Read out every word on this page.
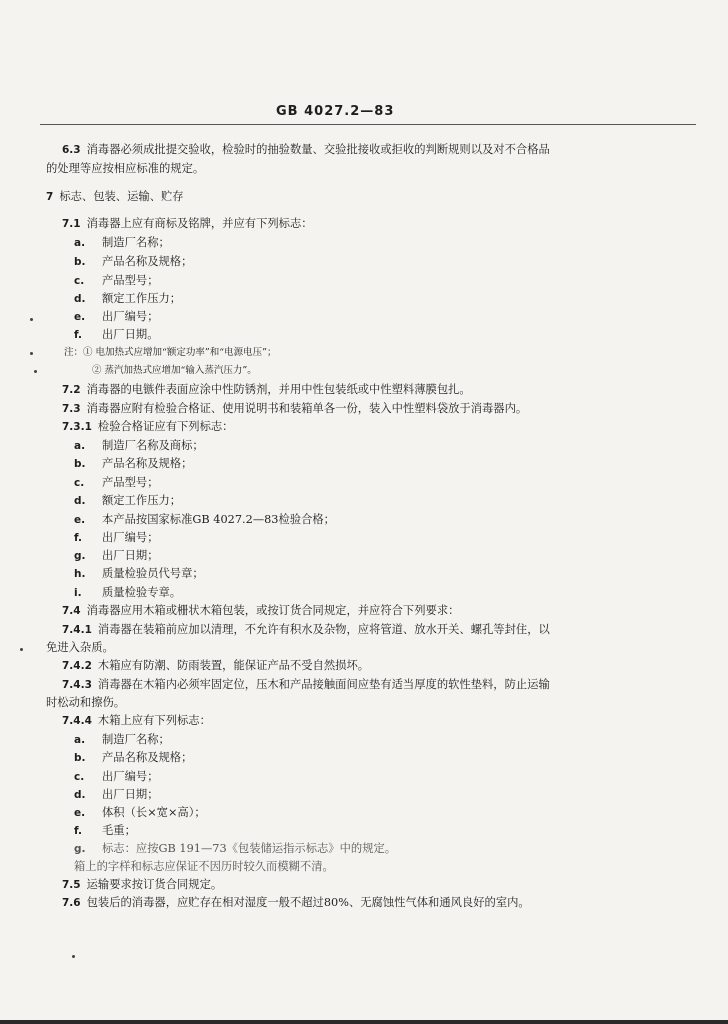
GB 4027.2—83
6.3 消毒器必须成批提交验收，检验时的抽验数量、交验批接收或拒收的判断规则以及对不合格品
的处理等应按相应标准的规定。
7 标志、包装、运输、贮存
7.1 消毒器上应有商标及铭牌，并应有下列标志：
a. 制造厂名称；
b. 产品名称及规格；
c. 产品型号；
d. 额定工作压力；
e. 出厂编号；
f. 出厂日期。
注：① 电加热式应增加“额定功率”和“电源电压”；
② 蒸汽加热式应增加“输入蒸汽压力”。
7.2 消毒器的电镞件表面应涂中性防锈剂，并用中性包装纸或中性塑料薄膜包扎。
7.3 消毒器应附有检验合格证、使用说明书和装箱单各一份，装入中性塑料袋放于消毒器内。
7.3.1 检验合格证应有下列标志：
a. 制造厂名称及商标；
b. 产品名称及规格；
c. 产品型号；
d. 额定工作压力；
e. 本产品按国家标准GB 4027.2—83检验合格；
f. 出厂编号；
g. 出厂日期；
h. 质量检验员代号章；
i. 质量检验专章。
7.4 消毒器应用木箱或栅状木箱包装，或按订货合同规定，并应符合下列要求：
7.4.1 消毒器在装箱前应加以清理，不允许有积水及杂物，应将管道、放水开关、螺孔等封住，以
免进入杂质。
7.4.2 木箱应有防潮、防雨装置，能保证产品不受自然损坏。
7.4.3 消毒器在木箱内必须牢固定位，压木和产品接触面间应垫有适当厚度的软性垫料，防止运输
时松动和擦伤。
7.4.4 木箱上应有下列标志：
a. 制造厂名称；
b. 产品名称及规格；
c. 出厂编号；
d. 出厂日期；
e. 体积（长×宽×高）；
f. 毛重；
g. 标志：应按GB 191—73《包装储运指示标志》中的规定。
箱上的字样和标志应保证不因历时较久而模糊不清。
7.5 运输要求按订货合同规定。
7.6 包装后的消毒器，应贮存在相对湿度一般不超过80%、无腐蚀性气体和通风良好的室内。
